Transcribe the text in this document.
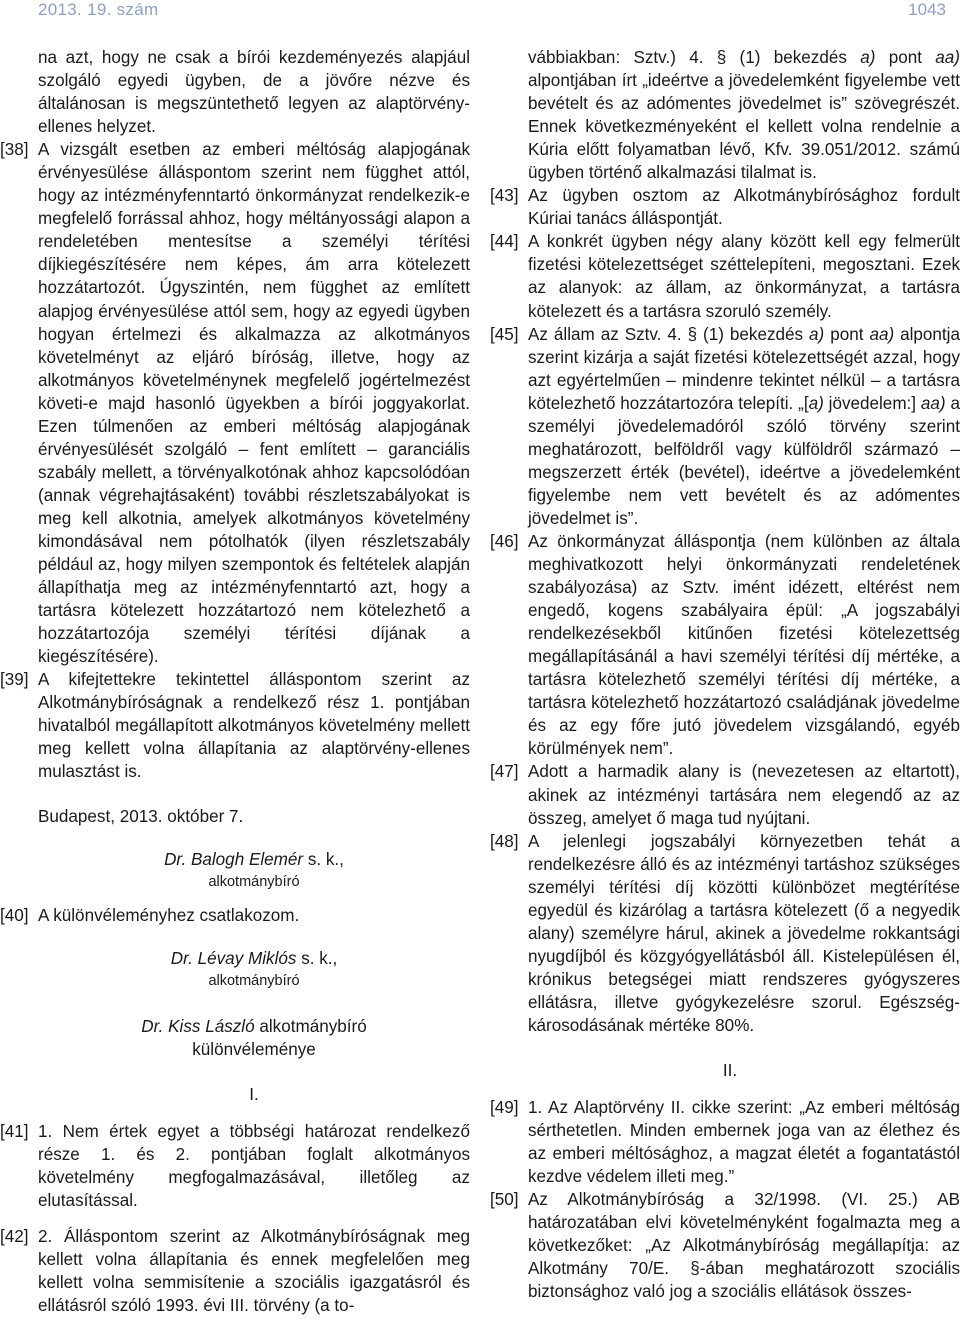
2013. 19. szám	1043
na azt, hogy ne csak a bírói kezdeményezés alapjául szolgáló egyedi ügyben, de a jövőre nézve és általánosan is megszüntethető legyen az alaptörvény-ellenes helyzet.
[38] A vizsgált esetben az emberi méltóság alapjogának érvényesülése álláspontom szerint nem függhet attól, hogy az intézményfenntartó önkormányzat rendelkezik-e megfelelő forrással ahhoz, hogy méltányossági alapon a rendeletében mentesítse a személyi térítési díjkiegészítésére nem képes, ám arra kötelezett hozzátartozót. Úgyszintén, nem függhet az említett alapjog érvényesülése attól sem, hogy az egyedi ügyben hogyan értelmezi és alkalmazza az alkotmányos követelményt az eljáró bíróság, illetve, hogy az alkotmányos követelménynek megfelelő jogértelmezést követi-e majd hasonló ügyekben a bírói joggyakorlat. Ezen túlmenően az emberi méltóság alapjogának érvényesülését szolgáló – fent említett – garanciális szabály mellett, a törvényalkotónak ahhoz kapcsolódóan (annak végrehajtásaként) további részletszabályokat is meg kell alkotnia, amelyek alkotmányos követelmény kimondásával nem pótolhatók (ilyen részletszabály például az, hogy milyen szempontok és feltételek alapján állapíthatja meg az intézményfenntartó azt, hogy a tartásra kötelezett hozzátartozó nem kötelezhető a hozzátartozója személyi térítési díjának a kiegészítésére).
[39] A kifejtettekre tekintettel álláspontom szerint az Alkotmánybíróságnak a rendelkező rész 1. pontjában hivatalból megállapított alkotmányos követelmény mellett meg kellett volna állapítania az alaptörvény-ellenes mulasztást is.
Budapest, 2013. október 7.
Dr. Balogh Elemér s. k.,
alkotmánybíró
[40] A különvéleményhez csatlakozom.
Dr. Lévay Miklós s. k.,
alkotmánybíró
Dr. Kiss László alkotmánybíró
különvéleménye
I.
[41] 1. Nem értek egyet a többségi határozat rendelkező része 1. és 2. pontjában foglalt alkotmányos követelmény megfogalmazásával, illetőleg az elutasítással.
[42] 2. Álláspontom szerint az Alkotmánybíróságnak meg kellett volna állapítania és ennek megfelelően meg kellett volna semmisítenie a szociális igazgatásról és ellátásról szóló 1993. évi III. törvény (a to-
vábbiakban: Sztv.) 4. § (1) bekezdés a) pont aa) alpontjában írt „ideértve a jövedelemként figyelembe vett bevételt és az adómentes jövedelmet is” szövegrészét. Ennek következményeként el kellett volna rendelnie a Kúria előtt folyamatban lévő, Kfv. 39.051/2012. számú ügyben történő alkalmazási tilalmat is.
[43] Az ügyben osztom az Alkotmánybírósághoz fordult Kúriai tanács álláspontját.
[44] A konkrét ügyben négy alany között kell egy felmerült fizetési kötelezettséget széttelepíteni, megosztani. Ezek az alanyok: az állam, az önkormányzat, a tartásra kötelezett és a tartásra szoruló személy.
[45] Az állam az Sztv. 4. § (1) bekezdés a) pont aa) alpontja szerint kizárja a saját fizetési kötelezettségét azzal, hogy azt egyértelműen – mindenre tekintet nélkül – a tartásra kötelezhető hozzátartozóra telepíti. „[a) jövedelem:] aa) a személyi jövedelemadóról szóló törvény szerint meghatározott, belföldről vagy külföldről származó – megszerzett érték (bevétel), ideértve a jövedelemként figyelembe nem vett bevételt és az adómentes jövedelmet is”.
[46] Az önkormányzat álláspontja (nem különben az általa meghivatkozott helyi önkormányzati rendeletének szabályozása) az Sztv. imént idézett, eltérést nem engedő, kogens szabályaira épül: „A jogszabályi rendelkezésekből kitűnően fizetési kötelezettség megállapításánál a havi személyi térítési díj mértéke, a tartásra kötelezhető személyi térítési díj mértéke, a tartásra kötelezhető hozzátartozó családjának jövedelme és az egy főre jutó jövedelem vizsgálandó, egyéb körülmények nem”.
[47] Adott a harmadik alany is (nevezetesen az eltartott), akinek az intézményi tartására nem elegendő az az összeg, amelyet ő maga tud nyújtani.
[48] A jelenlegi jogszabályi környezetben tehát a rendelkezésre álló és az intézményi tartáshoz szükséges személyi térítési díj közötti különbözet megtérítése egyedül és kizárólag a tartásra kötelezett (ő a negyedik alany) személyre hárul, akinek a jövedelme rokkantsági nyugdíjból és közgyógyellátásból áll. Kistelepülésen él, krónikus betegségei miatt rendszeres gyógyszeres ellátásra, illetve gyógykezelésre szorul. Egészség-károsodásának mértéke 80%.
II.
[49] 1. Az Alaptörvény II. cikke szerint: „Az emberi méltóság sérthetetlen. Minden embernek joga van az élethez és az emberi méltósághoz, a magzat életét a fogantatástól kezdve védelem illeti meg.”
[50] Az Alkotmánybíróság a 32/1998. (VI. 25.) AB határozatában elvi követelményként fogalmazta meg a következőket: „Az Alkotmánybíróság megállapítja: az Alkotmány 70/E. §-ában meghatározott szociális biztonsághoz való jog a szociális ellátások összes-
